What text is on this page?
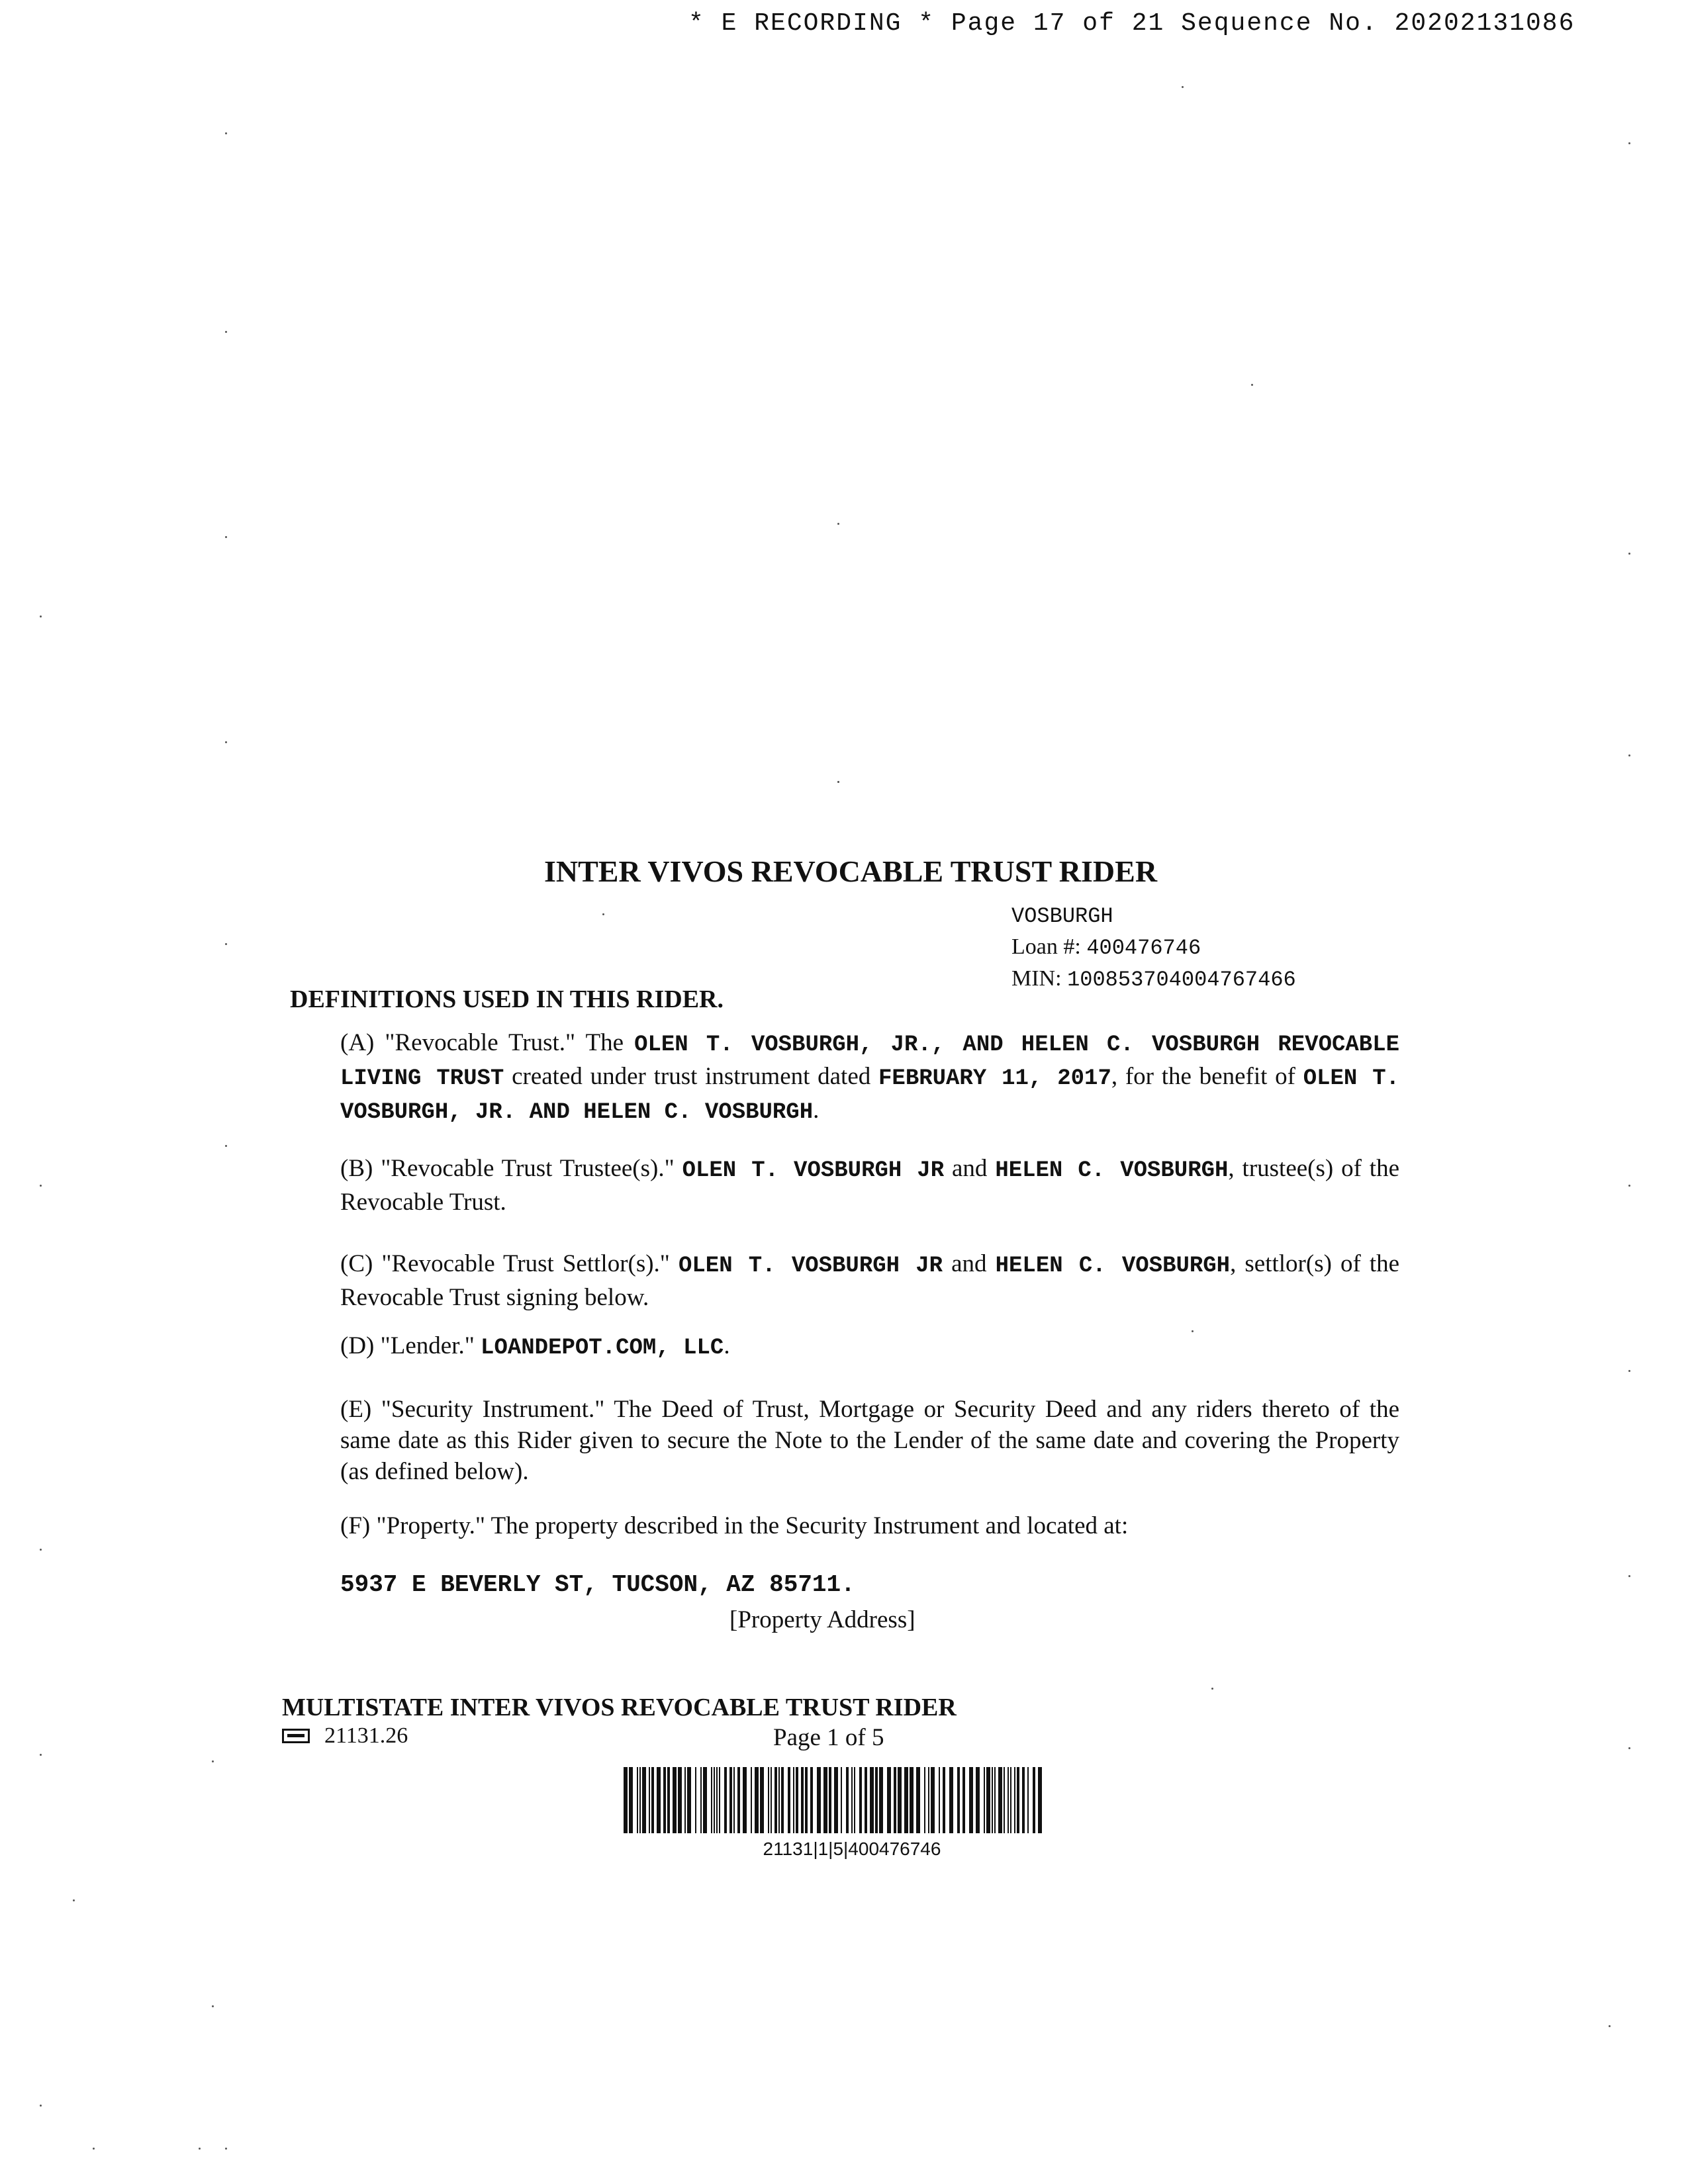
* E RECORDING * Page 17 of 21 Sequence No. 20202131086
INTER VIVOS REVOCABLE TRUST RIDER
VOSBURGH
Loan #: 400476746
MIN: 100853704004767466
DEFINITIONS USED IN THIS RIDER.
(A) "Revocable Trust." The OLEN T. VOSBURGH, JR., AND HELEN C. VOSBURGH REVOCABLE LIVING TRUST created under trust instrument dated FEBRUARY 11, 2017, for the benefit of OLEN T. VOSBURGH, JR. AND HELEN C. VOSBURGH.
(B) "Revocable Trust Trustee(s)." OLEN T. VOSBURGH JR and HELEN C. VOSBURGH, trustee(s) of the Revocable Trust.
(C) "Revocable Trust Settlor(s)." OLEN T. VOSBURGH JR and HELEN C. VOSBURGH, settlor(s) of the Revocable Trust signing below.
(D) "Lender." LOANDEPOT.COM, LLC.
(E) "Security Instrument." The Deed of Trust, Mortgage or Security Deed and any riders thereto of the same date as this Rider given to secure the Note to the Lender of the same date and covering the Property (as defined below).
(F) "Property." The property described in the Security Instrument and located at:
5937 E BEVERLY ST, TUCSON, AZ 85711.
[Property Address]
MULTISTATE INTER VIVOS REVOCABLE TRUST RIDER
21131.26	Page 1 of 5
21131|1|5|400476746
